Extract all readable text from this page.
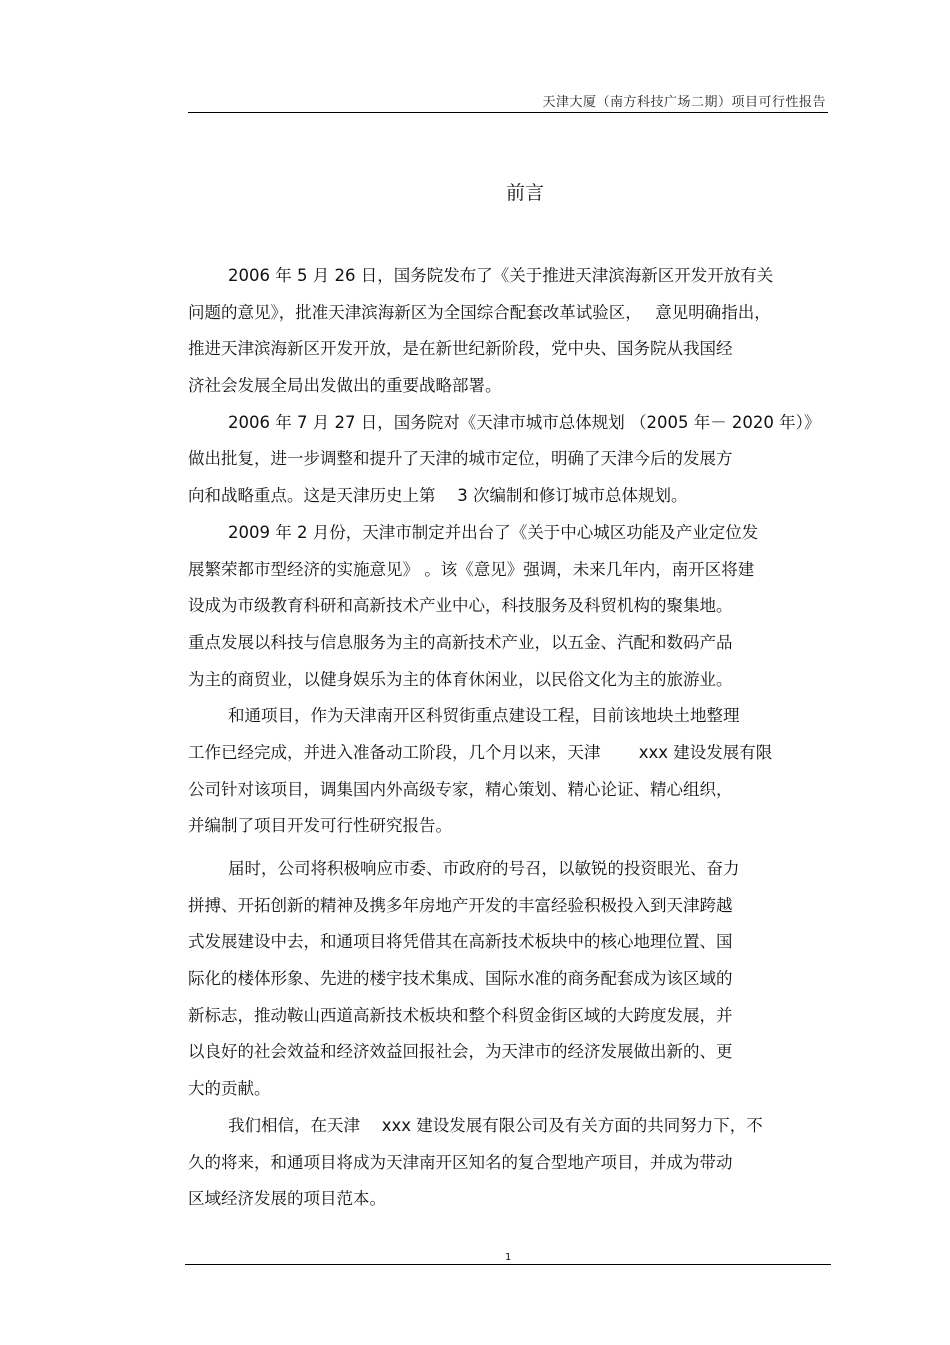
天津大厦（南方科技广场二期）项目可行性报告
前言
2006 年 5 月 26 日，国务院发布了《关于推进天津滨海新区开发开放有关
问题的意见》，批准天津滨海新区为全国综合配套改革试验区，　 意见明确指出，
推进天津滨海新区开发开放，是在新世纪新阶段，党中央、国务院从我国经
济社会发展全局出发做出的重要战略部署。
2006 年 7 月 27 日，国务院对《天津市城市总体规划 （2005 年－ 2020 年）》
做出批复，进一步调整和提升了天津的城市定位，明确了天津今后的发展方
向和战略重点。这是天津历史上第　 3 次编制和修订城市总体规划。
2009 年 2 月份，天津市制定并出台了《关于中心城区功能及产业定位发
展繁荣都市型经济的实施意见》 。该《意见》强调，未来几年内，南开区将建
设成为市级教育科研和高新技术产业中心，科技服务及科贸机构的聚集地。
重点发展以科技与信息服务为主的高新技术产业，以五金、汽配和数码产品
为主的商贸业，以健身娱乐为主的体育休闲业，以民俗文化为主的旅游业。
和通项目，作为天津南开区科贸街重点建设工程，目前该地块土地整理
工作已经完成，并进入准备动工阶段，几个月以来，天津　　 xxx 建设发展有限
公司针对该项目，调集国内外高级专家，精心策划、精心论证、精心组织，
并编制了项目开发可行性研究报告。
届时，公司将积极响应市委、市政府的号召，以敏锐的投资眼光、奋力
拼搏、开拓创新的精神及携多年房地产开发的丰富经验积极投入到天津跨越
式发展建设中去，和通项目将凭借其在高新技术板块中的核心地理位置、国
际化的楼体形象、先进的楼宇技术集成、国际水准的商务配套成为该区域的
新标志，推动鞍山西道高新技术板块和整个科贸金街区域的大跨度发展，并
以良好的社会效益和经济效益回报社会，为天津市的经济发展做出新的、更
大的贡献。
我们相信，在天津　 xxx 建设发展有限公司及有关方面的共同努力下，不
久的将来，和通项目将成为天津南开区知名的复合型地产项目，并成为带动
区域经济发展的项目范本。
1
